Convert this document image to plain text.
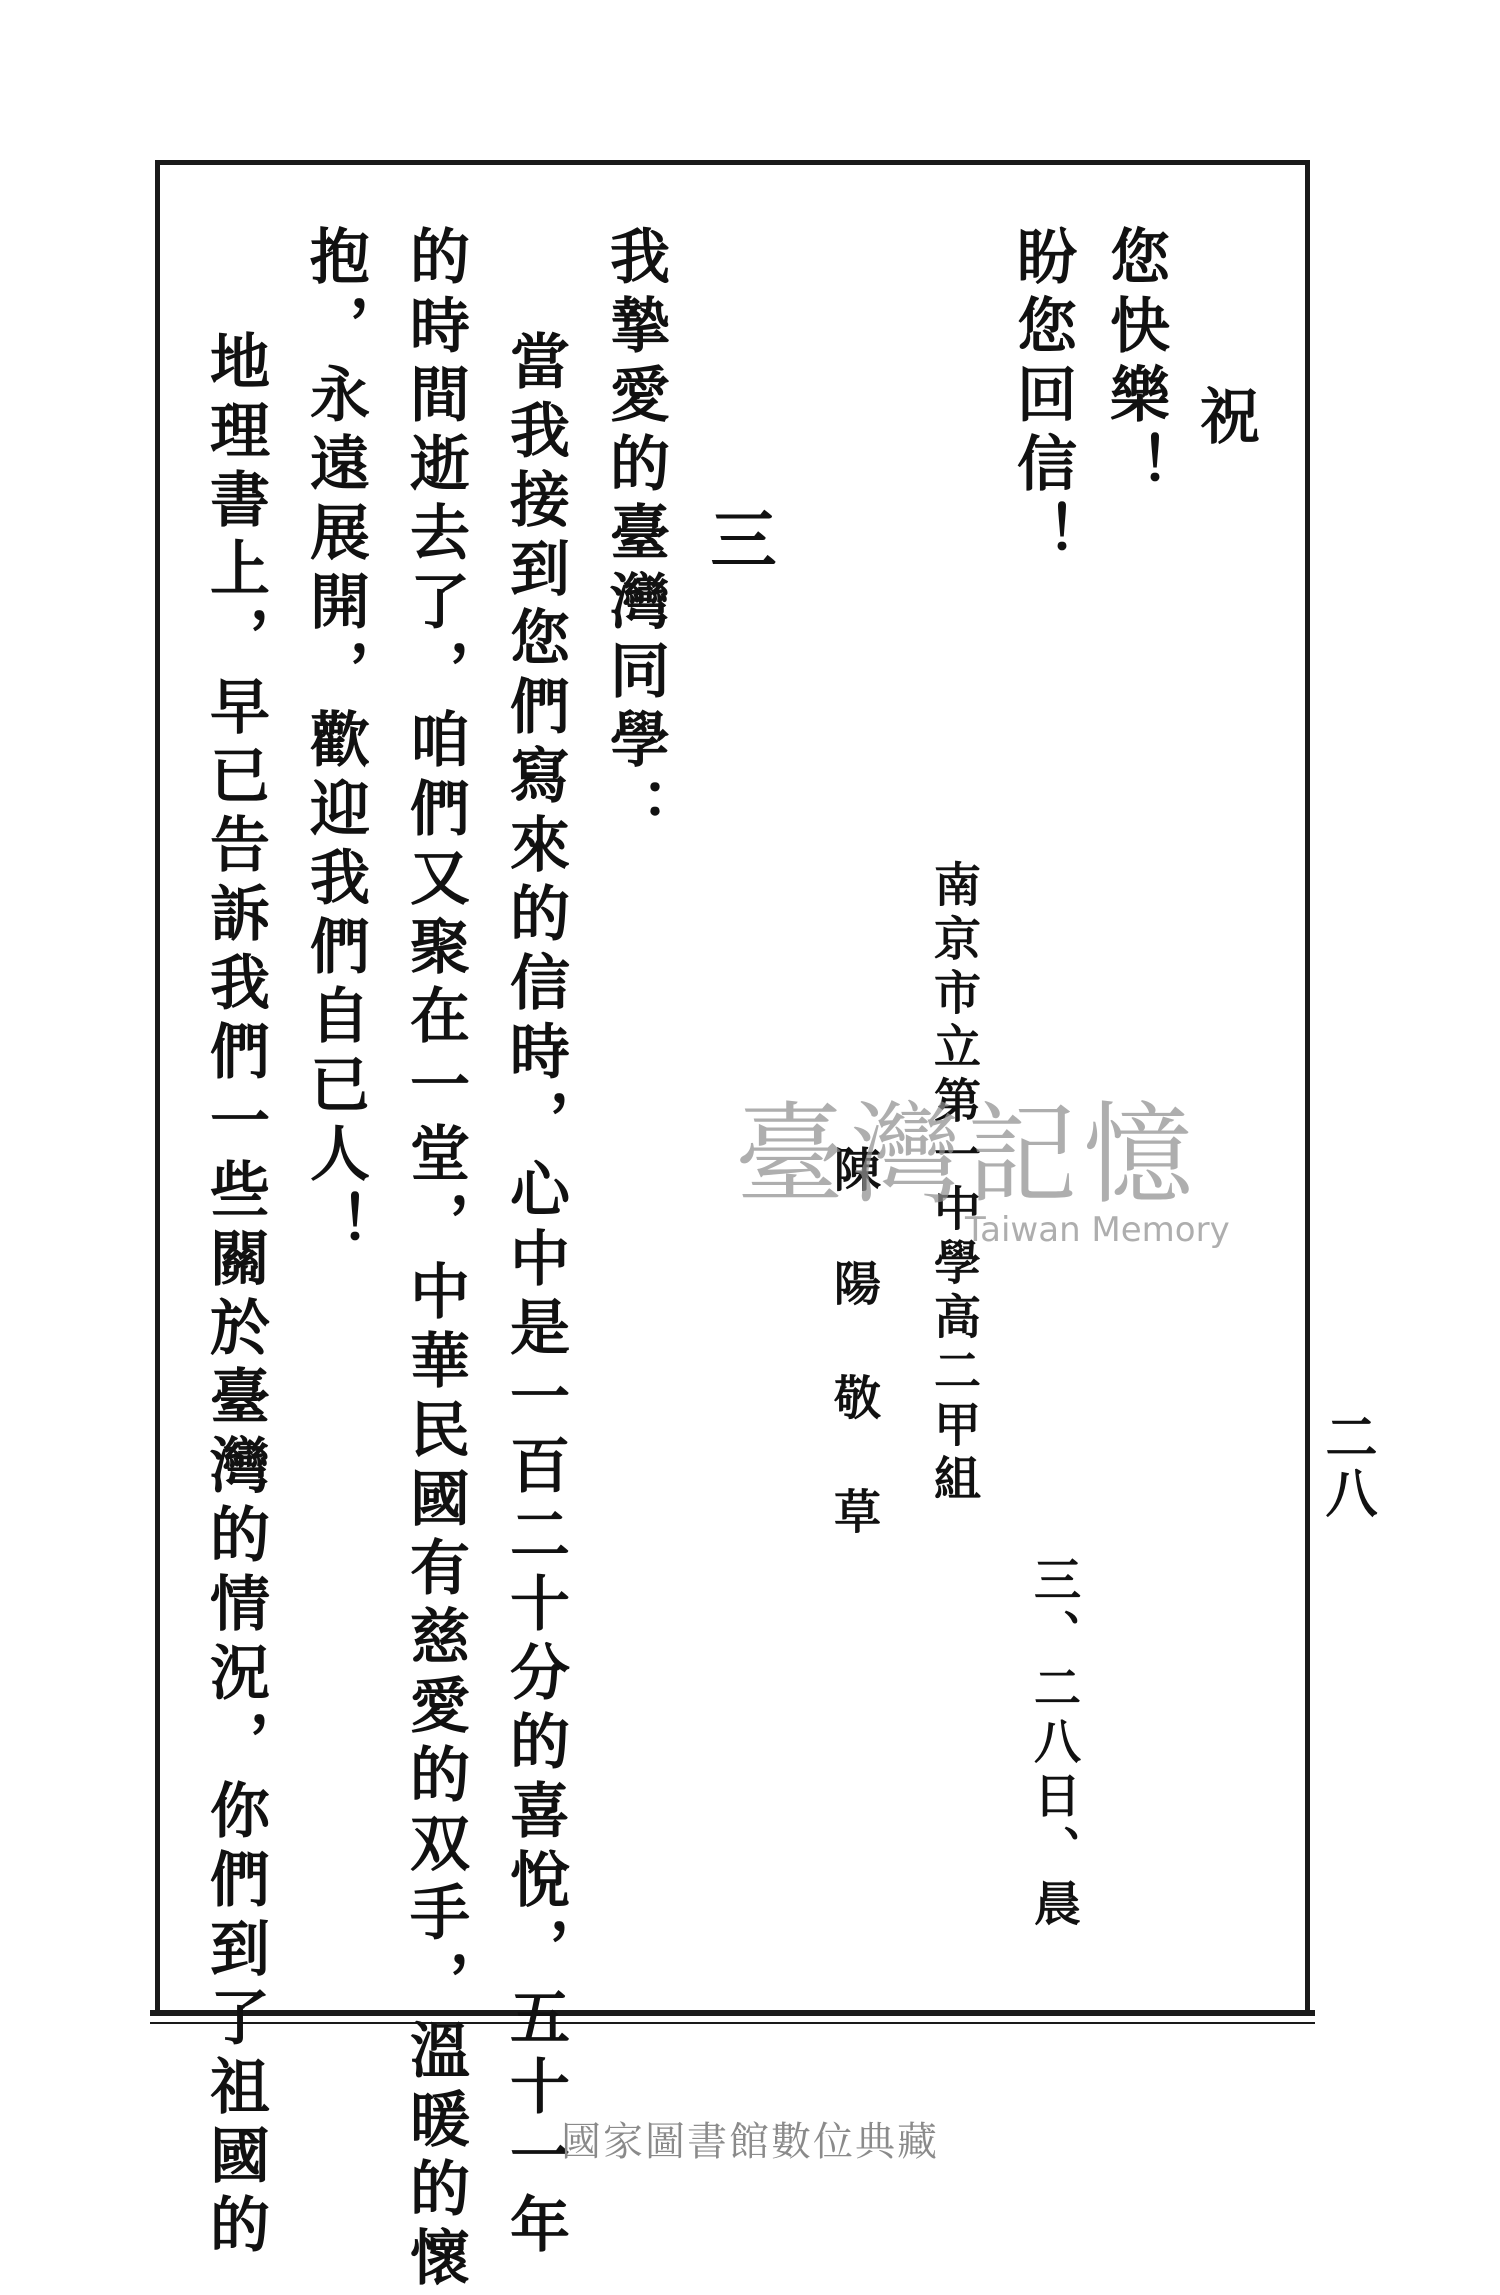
祝
您快樂！
盼您回信！
三、二八日、晨
南京市立第一中學高二甲組
陳　陽　敬　草
三
我摯愛的臺灣同學：
當我接到您們寫來的信時，心中是一百二十分的喜悅，五十一年
的時間逝去了，咱們又聚在一堂，中華民國有慈愛的双手，溫暖的懷
抱，永遠展開，歡迎我們自已人！
地理書上，早已告訴我們一些關於臺灣的情況，你們到了祖國的	二八
臺灣記憶
Taiwan Memory
國家圖書館數位典藏
